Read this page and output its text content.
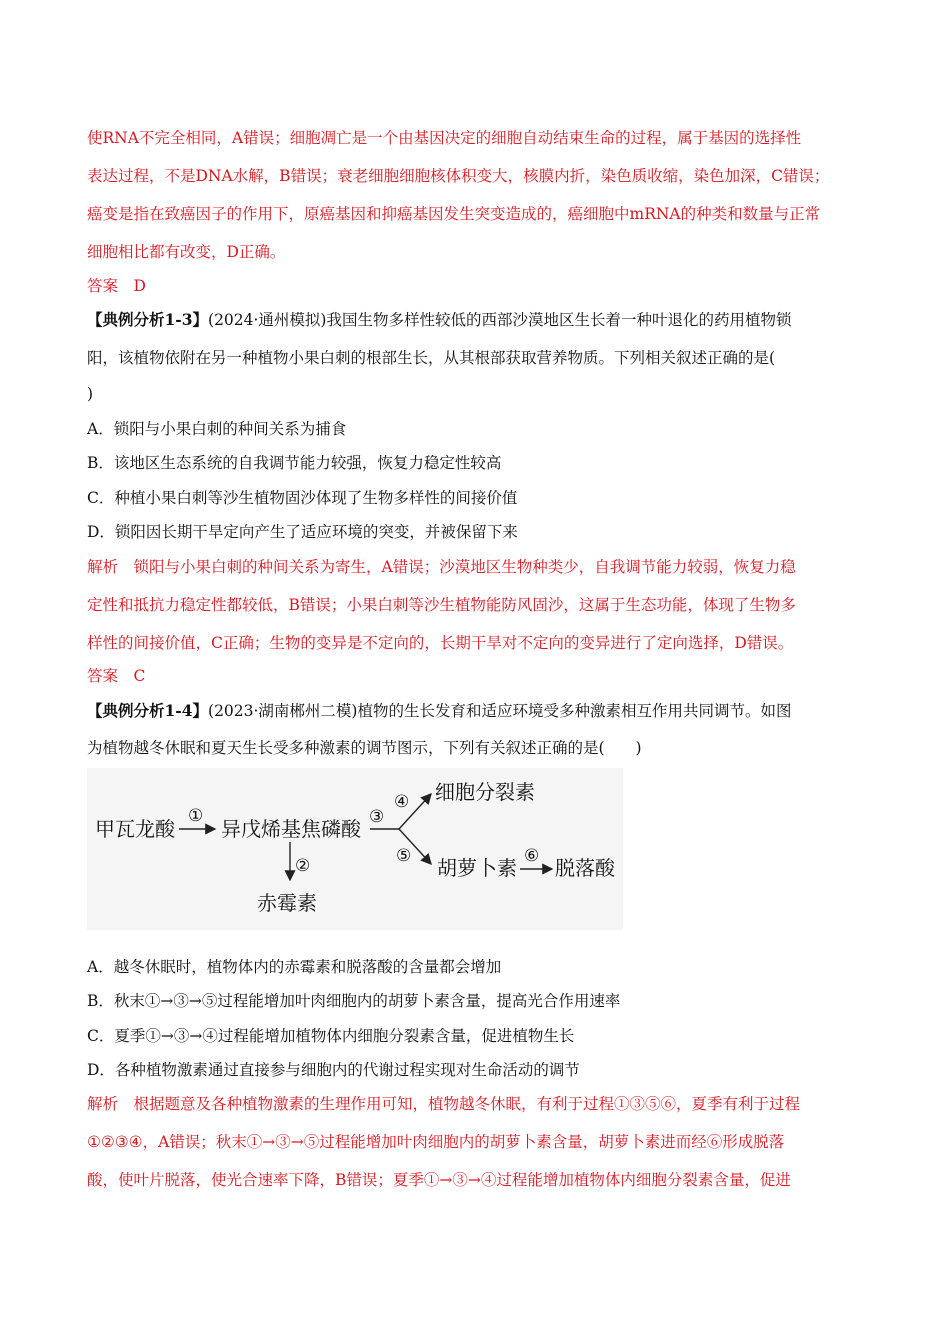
使RNA不完全相同，A错误；细胞凋亡是一个由基因决定的细胞自动结束生命的过程，属于基因的选择性
表达过程，不是DNA水解，B错误；衰老细胞细胞核体积变大，核膜内折，染色质收缩，染色加深，C错误；
癌变是指在致癌因子的作用下，原癌基因和抑癌基因发生突变造成的，癌细胞中mRNA的种类和数量与正常
细胞相比都有改变，D正确。
答案　D
【典例分析1-3】(2024·通州模拟)我国生物多样性较低的西部沙漠地区生长着一种叶退化的药用植物锁
阳，该植物依附在另一种植物小果白刺的根部生长，从其根部获取营养物质。下列相关叙述正确的是(
)
A．锁阳与小果白刺的种间关系为捕食
B．该地区生态系统的自我调节能力较强，恢复力稳定性较高
C．种植小果白刺等沙生植物固沙体现了生物多样性的间接价值
D．锁阳因长期干旱定向产生了适应环境的突变，并被保留下来
解析　锁阳与小果白刺的种间关系为寄生，A错误；沙漠地区生物种类少，自我调节能力较弱，恢复力稳
定性和抵抗力稳定性都较低，B错误；小果白刺等沙生植物能防风固沙，这属于生态功能，体现了生物多
样性的间接价值，C正确；生物的变异是不定向的，长期干旱对不定向的变异进行了定向选择，D错误。
答案　C
【典例分析1-4】(2023·湖南郴州二模)植物的生长发育和适应环境受多种激素相互作用共同调节。如图
为植物越冬休眠和夏天生长受多种激素的调节图示，下列有关叙述正确的是(　　)
甲瓦龙酸
①
异戊烯基焦磷酸
②
赤霉素
③
④ 细胞分裂素
⑤ 胡萝卜素 ⑥ 脱落酸
A．越冬休眠时，植物体内的赤霉素和脱落酸的含量都会增加
B．秋末①→③→⑤过程能增加叶肉细胞内的胡萝卜素含量，提高光合作用速率
C．夏季①→③→④过程能增加植物体内细胞分裂素含量，促进植物生长
D．各种植物激素通过直接参与细胞内的代谢过程实现对生命活动的调节
解析　根据题意及各种植物激素的生理作用可知，植物越冬休眠，有利于过程①③⑤⑥，夏季有利于过程
①②③④，A错误；秋末①→③→⑤过程能增加叶肉细胞内的胡萝卜素含量，胡萝卜素进而经⑥形成脱落
酸，使叶片脱落，使光合速率下降，B错误；夏季①→③→④过程能增加植物体内细胞分裂素含量，促进
